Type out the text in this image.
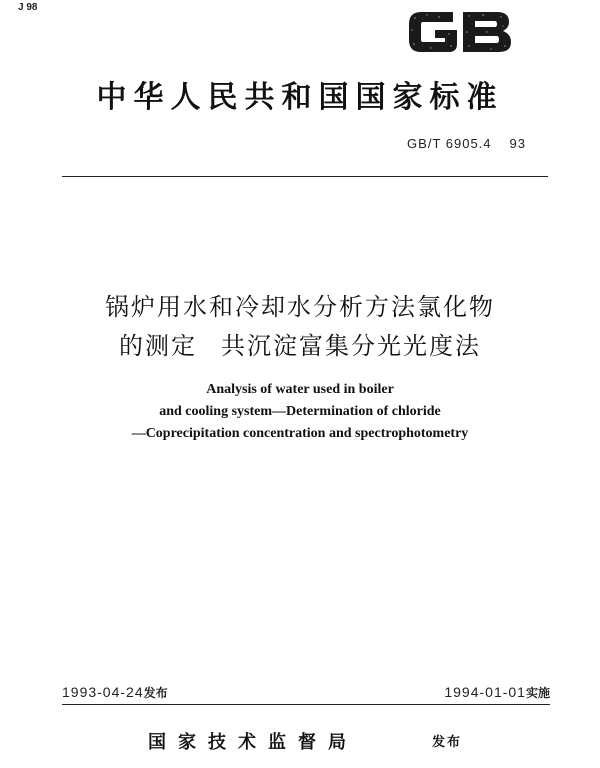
J 98
中华人民共和国国家标准
GB/T 6905.4 93
锅炉用水和冷却水分析方法氯化物
的测定 共沉淀富集分光光度法
Analysis of water used in boiler
and cooling system—Determination of chloride
—Coprecipitation concentration and spectrophotometry
1993-04-24发布	1994-01-01实施
国家技术监督局	发布
